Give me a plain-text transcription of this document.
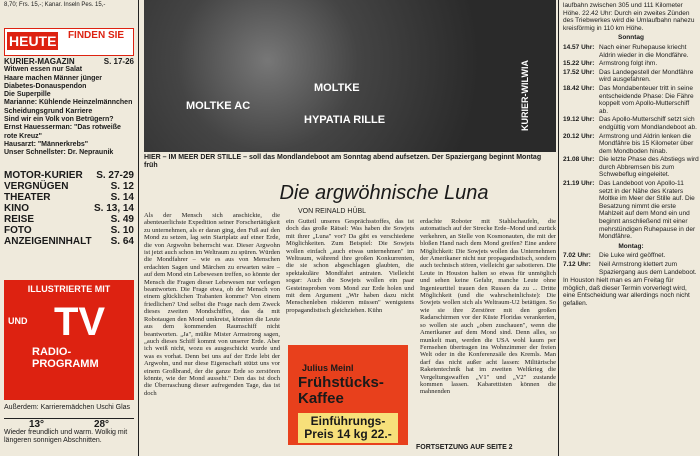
8,70; Frs. 15,-; Kanar. Inseln Pes. 15,-
HEUTE	FINDEN SIE
KURIER-MAGAZIN	S. 17-26
Witwen essen nur Salat
Haare machen Männer jünger
Diabetes-Donauspendon
Die Superpille
Marianne: Kühlende Heinzelmännchen
Scheidungsgrund Karriere
Sind wir ein Volk von Betrügern?
Ernst Hauesserman: "Das rotweiße rote Kreuz"
Hausarzt: "Männerkrebs"
Unser Schnellster: Dr. Nepraunik
MOTOR-KURIER S. 27-29
VERGNÜGEN	S. 12
THEATER	S. 14
KINO	S. 13, 14
REISE	S. 49
FOTO	S. 10
ANZEIGENINHALT S. 64
ILLUSTRIERTE MIT
UND TV
RADIO-PROGRAMM
Außerdem: Karrieremädchen Uschi Glas
13°	28°
Wieder freundlich und warm. Wolkig mit längeren sonnigen Abschnitten.
MOLTKE
MOLTKE AC
HYPATIA RILLE	KURIER-WILWIA
HIER – IM MEER DER STILLE – soll das Mondlandeboot am Sonntag abend aufsetzen. Der Spaziergang beginnt Montag früh
Die argwöhnische Luna
VON REINALD HÜBL
Als der Mensch sich anschickte, die abenteuerlichste Expedition seiner Forschertätigkeit zu unternehmen, als er daran ging, den Fuß auf den Mond zu setzen, lag sein Startplatz auf einer Erde, die von Argwohn beherrscht war. Dieser Argwohn ist jetzt auch schon im Weltraum zu spüren. Würden die Mondfahrer – wie es aus von Menschen erdachten Sagen und Märchen zu erwarten wäre – auf dem Mond ein Lebewesen treffen, so könnte der Mensch die Fragen dieser Lebewesen nur verlegen beantworten. Die Frage etwa, ob der Mensch von einem glücklichen Trabanten komme? Von einem friedlichen? Und selbst die Frage nach dem Zweck dieses zweiten Mondschiffes, das da mit Robotaugen den Mond umkreist, könnten die Leute aus dem kommenden Raumschiff nicht beantworten. „Ja", müßte Mister Armstrong sagen, „auch dieses Schiff kommt von unserer Erde. Aber ich weiß nicht, wozu es ausgeschickt wurde und was es vorhat. Denn bei uns auf der Erde lebt der Argwohn, und nur diese Eigenschaft stützt uns vor einem Großbrand, der die ganze Erde so zerstören könnte, wie der Mond ausseht." Den das ist doch die Überraschung dieser aufregenden Tage, das ist doch
ein Gutteil unseres Gesprächsstoffes, das ist doch das große Rätsel: Was haben die Sowjets mit ihrer „Luna" vor? Da gibt es verschiedene Möglichkeiten. Zum Beispiel: Die Sowjets wollen einfach „auch etwas unternehmen" im Weltraum, während ihre großen Konkurrenten, die sie schon abgeschlagen glaubten, die spektakuläre Mondfahrt antraten. Vielleicht sogar: Auch die Sowjets wollen ein paar Gesteinsproben vom Mond zur Erde holen und mit dem Argument „Wir haben dazu nicht Menschenleben riskieren müssen" wenigstens propagandistisch gleichziehen. Kühn
erdachte Roboter mit Stahlschaufeln, die automatisch auf der Strecke Erde–Mond und zurück verkehren, an Stelle von Kosmonauten, die mit der bloßen Hand nach dem Mond greifen? Eine andere Möglichkeit: Die Sowjets wollen das Unternehmen der Amerikaner nicht nur propagandistisch, sondern auch technisch stören, vielleicht gar sabotieren. Die Leute in Houston halten so etwas für unmöglich und sehen keine Gefahr, manche Leute ohne Ingenieurtitel trauen den Russen da zu ... Dritte Möglichkeit (und die wahrscheinlichste): Die Sowjets wollen sich als Weltraum-U2 betätigen. So wie sie ihre Zerstörer mit den großen Radarschirmen vor der Küste Floridas verankerten, so wollen sie auch „oben zuschauen", wenn die Amerikaner auf dem Mond sind. Denn alles, so munkelt man, werden die USA wohl kaum per Fernsehen übertragen ins Wohnzimmer der freien Welt oder in die Konferenzsäle des Kremls. Man darf das nicht außer acht lassen: Militärische Raketentechnik hat im zweiten Weltkrieg die Vergeltungswaffen „V1" und „V2" zustande kommen lassen. Kabarettisten können die mahnenden
Julius Meinl
Frühstücks-Kaffee
Einführungs-Preis 14 kg 22.-
FORTSETZUNG AUF SEITE 2
laufbahn zwischen 305 und 111 Kilometer Höhe. 22.42 Uhr: Durch ein zweites Zünden des Triebwerkes wird die Umlaufbahn nahezu kreisförmig in 110 km Höhe.
Sonntag
14.57 Uhr: Nach einer Ruhepause kriecht Aldrin wieder in die Mondfähre.
15.22 Uhr: Armstrong folgt ihm.
17.52 Uhr: Das Landegestell der Mondfähre wird ausgefahren.
18.42 Uhr: Das Mondabenteuer tritt in seine entscheidende Phase: Die Fähre koppelt vom Apollo-Mutterschiff ab.
19.12 Uhr: Das Apollo-Mutterschiff setzt sich endgültig vom Mondlandeboot ab.
20.12 Uhr: Armstrong und Aldrin lenken die Mondfähre bis 15 Kilometer über dem Mondboden hinab.
21.08 Uhr: Die letzte Phase des Abstiegs wird durch Abbremsen bis zum Schwebeflug eingeleitet.
21.19 Uhr: Das Landeboot von Apollo-11 setzt in der Nähe des Kraters Moltke im Meer der Stille auf. Die Besatzung nimmt die erste Mahlzeit auf dem Mond ein und beginnt anschließend mit einer mehrstündigen Ruhepause in der Mondfähre.
Montag:
7.02 Uhr:	Die Luke wird geöffnet.
7.12 Uhr:	Neil Armstrong klettert zum Spaziergang aus dem Landeboot.
In Houston hielt man es am Freitag für möglich, daß dieser Termin vorverlegt wird, eine Entscheidung war allerdings noch nicht gefallen.
